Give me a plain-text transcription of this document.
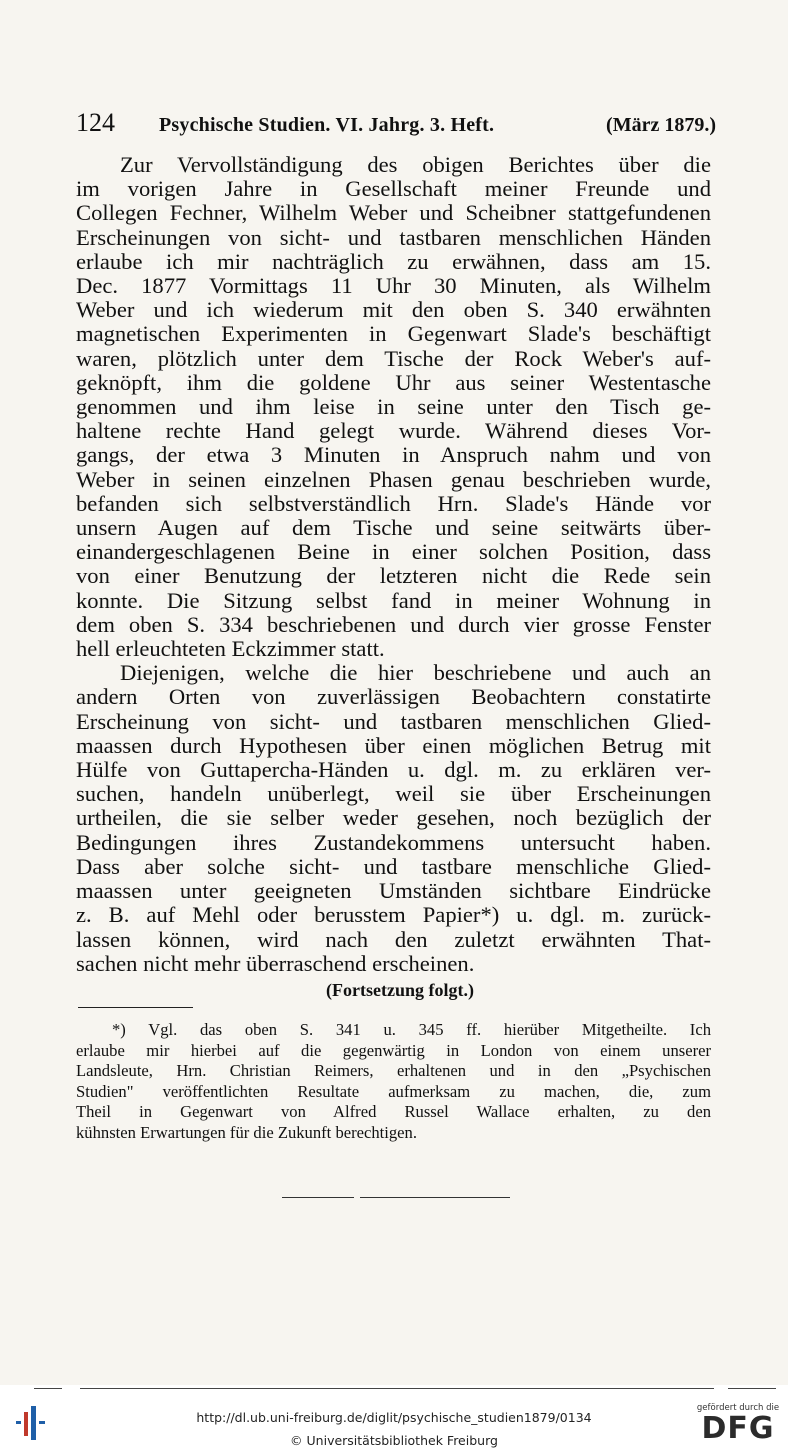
124 Psychische Studien. VI. Jahrg. 3. Heft.	(März 1879.)
Zur Vervollständigung des obigen Berichtes über die
im vorigen Jahre in Gesellschaft meiner Freunde und
Collegen Fechner, Wilhelm Weber und Scheibner stattgefundenen
Erscheinungen von sicht- und tastbaren menschlichen Händen
erlaube ich mir nachträglich zu erwähnen, dass am 15.
Dec. 1877 Vormittags 11 Uhr 30 Minuten, als Wilhelm
Weber und ich wiederum mit den oben S. 340 erwähnten
magnetischen Experimenten in Gegenwart Slade's beschäftigt
waren, plötzlich unter dem Tische der Rock Weber's auf-
geknöpft, ihm die goldene Uhr aus seiner Westentasche
genommen und ihm leise in seine unter den Tisch ge-
haltene rechte Hand gelegt wurde. Während dieses Vor-
gangs, der etwa 3 Minuten in Anspruch nahm und von
Weber in seinen einzelnen Phasen genau beschrieben wurde,
befanden sich selbstverständlich Hrn. Slade's Hände vor
unsern Augen auf dem Tische und seine seitwärts über-
einandergeschlagenen Beine in einer solchen Position, dass
von einer Benutzung der letzteren nicht die Rede sein
konnte. Die Sitzung selbst fand in meiner Wohnung in
dem oben S. 334 beschriebenen und durch vier grosse Fenster
hell erleuchteten Eckzimmer statt.
Diejenigen, welche die hier beschriebene und auch an
andern Orten von zuverlässigen Beobachtern constatirte
Erscheinung von sicht- und tastbaren menschlichen Glied-
maassen durch Hypothesen über einen möglichen Betrug mit
Hülfe von Guttapercha-Händen u. dgl. m. zu erklären ver-
suchen, handeln unüberlegt, weil sie über Erscheinungen
urtheilen, die sie selber weder gesehen, noch bezüglich der
Bedingungen ihres Zustandekommens untersucht haben.
Dass aber solche sicht- und tastbare menschliche Glied-
maassen unter geeigneten Umständen sichtbare Eindrücke
z. B. auf Mehl oder berusstem Papier*) u. dgl. m. zurück-
lassen können, wird nach den zuletzt erwähnten That-
sachen nicht mehr überraschend erscheinen.
(Fortsetzung folgt.)
*) Vgl. das oben S. 341 u. 345 ff. hierüber Mitgetheilte. Ich
erlaube mir hierbei auf die gegenwärtig in London von einem unserer
Landsleute, Hrn. Christian Reimers, erhaltenen und in den „Psychischen
Studien" veröffentlichten Resultate aufmerksam zu machen, die, zum
Theil in Gegenwart von Alfred Russel Wallace erhalten, zu den
kühnsten Erwartungen für die Zukunft berechtigen.
http://dl.ub.uni-freiburg.de/diglit/psychische_studien1879/0134
© Universitätsbibliothek Freiburg
gefördert durch die
DFG
